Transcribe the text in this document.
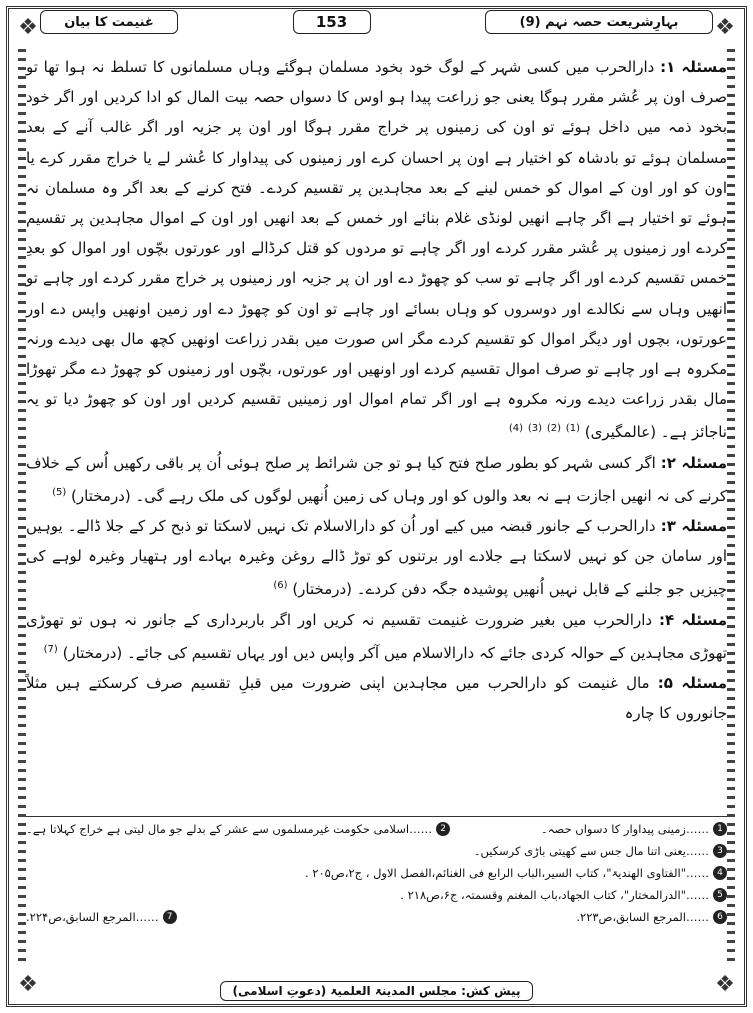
❖	❖
❖	❖
بہارِشریعت حصہ نہم (9)
153
غنیمت کا بیان

مسئلہ ۱: دارالحرب میں کسی شہر کے لوگ خود بخود مسلمان ہوگئے وہاں مسلمانوں کا تسلط نہ ہوا تھا تو صرف اون پر عُشر مقرر ہوگا یعنی جو زراعت پیدا ہو اوس کا دسواں حصہ بیت المال کو ادا کردیں اور اگر خود بخود ذمہ میں داخل ہوئے تو اون کی زمینوں پر خراج مقرر ہوگا اور اون پر جزیہ اور اگر غالب آنے کے بعد مسلمان ہوئے تو بادشاہ کو اختیار ہے اون پر احسان کرے اور زمینوں کی پیداوار کا عُشر لے یا خراج مقرر کرے یا اون کو اور اون کے اموال کو خمس لینے کے بعد مجاہدین پر تقسیم کردے۔ فتح کرنے کے بعد اگر وہ مسلمان نہ ہوئے تو اختیار ہے اگر چاہے انھیں لونڈی غلام بنائے اور خمس کے بعد انھیں اور اون کے اموال مجاہدین پر تقسیم کردے اور زمینوں پر عُشر مقرر کردے اور اگر چاہے تو مردوں کو قتل کرڈالے اور عورتوں بچّوں اور اموال کو بعدِ خمس تقسیم کردے اور اگر چاہے تو سب کو چھوڑ دے اور ان پر جزیہ اور زمینوں پر خراج مقرر کردے اور چاہے تو انھیں وہاں سے نکالدے اور دوسروں کو وہاں بسائے اور چاہے تو اون کو چھوڑ دے اور زمین اونھیں واپس دے اور عورتوں، بچوں اور دیگر اموال کو تقسیم کردے مگر اس صورت میں بقدر زراعت اونھیں کچھ مال بھی دیدے ورنہ مکروہ ہے اور چاہے تو صرف اموال تقسیم کردے اور اونھیں اور عورتوں، بچّوں اور زمینوں کو چھوڑ دے مگر تھوڑا مال بقدر زراعت دیدے ورنہ مکروہ ہے اور اگر تمام اموال اور زمینیں تقسیم کردیں اور اون کو چھوڑ دیا تو یہ ناجائز ہے۔ (عالمگیری) $^{(1)}$ $^{(2)}$ $^{(3)}$ $^{(4)}$

مسئلہ ۲: اگر کسی شہر کو بطور صلح فتح کیا ہو تو جن شرائط پر صلح ہوئی اُن پر باقی رکھیں اُس کے خلاف کرنے کی نہ انھیں اجازت ہے نہ بعد والوں کو اور وہاں کی زمین اُنھیں لوگوں کی ملک رہے گی۔ (درمختار) $^{(5)}$

مسئلہ ۳: دارالحرب کے جانور قبضہ میں کیے اور اُن کو دارالاسلام تک نہیں لاسکتا تو ذبح کر کے جلا ڈالے۔ یوہیں اور سامان جن کو نہیں لاسکتا ہے جلادے اور برتنوں کو توڑ ڈالے روغن وغیرہ بہادے اور ہتھیار وغیرہ لوہے کی چیزیں جو جلنے کے قابل نہیں اُنھیں پوشیدہ جگہ دفن کردے۔ (درمختار) $^{(6)}$

مسئلہ ۴: دارالحرب میں بغیر ضرورت غنیمت تقسیم نہ کریں اور اگر باربرداری کے جانور نہ ہوں تو تھوڑی تھوڑی مجاہدین کے حوالہ کردی جائے کہ دارالاسلام میں آکر واپس دیں اور یہاں تقسیم کی جائے۔ (درمختار) $^{(7)}$

مسئلہ ۵: مال غنیمت کو دارالحرب میں مجاہدین اپنی ضرورت میں قبلِ تقسیم صرف کرسکتے ہیں مثلاً جانوروں کا چارہ

1
……زمینی پیداوار کا دسواں حصہ۔
2
……اسلامی حکومت غیرمسلموں سے عشر کے بدلے جو مال لیتی ہے خراج کہلاتا ہے۔
3
……یعنی اتنا مال جس سے کھیتی باڑی کرسکیں۔
4
……"الفتاوی الھندیۃ"، کتاب السیر،الباب الرابع فی الغنائم،الفصل الاول ، ج۲،ص۲۰۵ .
5
……"الدرالمختار"، کتاب الجھاد،باب المغنم وقسمتہ، ج۶،ص۲۱۸ .
6
……المرجع السابق،ص۲۲۳.
7
……المرجع السابق،ص۲۲۴.
پیش کش: مجلس المدینۃ العلمیۃ (دعوتِ اسلامی)
